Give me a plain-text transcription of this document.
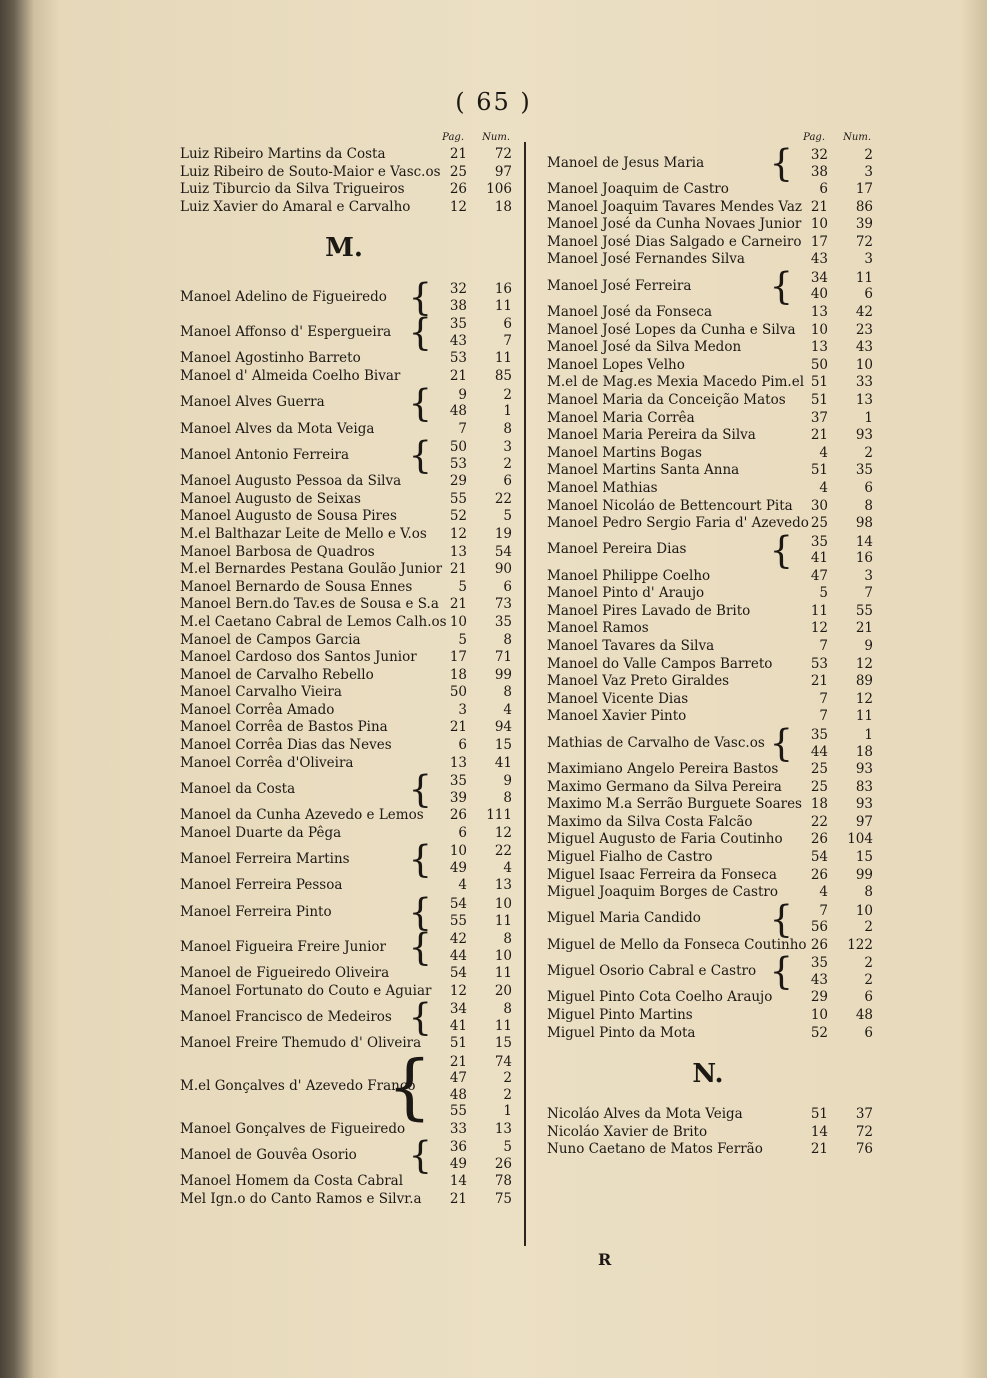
( 65 )
Pag. Num.
Luiz Ribeiro Martins da Costa	21	72
Luiz Ribeiro de Souto-Maior e Vasc.os 25	97
Luiz Tiburcio da Silva Trigueiros	26	106
Luiz Xavier do Amaral e Carvalho	12	18
M.
Manoel Adelino de Figueiredo {	32	16
38	11
Manoel Affonso d' Espergueira {	35	6
43	7
Manoel Agostinho Barreto	53	11
Manoel d' Almeida Coelho Bivar	21	85
Manoel Alves Guerra {	9	2
48	1
Manoel Alves da Mota Veiga	7	8
Manoel Antonio Ferreira {	50	3
53	2
Manoel Augusto Pessoa da Silva	29	6
Manoel Augusto de Seixas	55	22
Manoel Augusto de Sousa Pires	52	5
M.el Balthazar Leite de Mello e V.os	12	19
Manoel Barbosa de Quadros	13	54
M.el Bernardes Pestana Goulão Junior 21	90
Manoel Bernardo de Sousa Ennes	5	6
Manoel Bern.do Tav.es de Sousa e S.a 21	73
M.el Caetano Cabral de Lemos Calh.os 10	35
Manoel de Campos Garcia	5	8
Manoel Cardoso dos Santos Junior	17	71
Manoel de Carvalho Rebello	18	99
Manoel Carvalho Vieira	50	8
Manoel Corrêa Amado	3	4
Manoel Corrêa de Bastos Pina	21	94
Manoel Corrêa Dias das Neves	6	15
Manoel Corrêa d'Oliveira	13	41
Manoel da Costa	{	35	9
39	8
Manoel da Cunha Azevedo e Lemos	26	111
Manoel Duarte da Pêga	6	12
Manoel Ferreira Martins {	10	22
49	4
Manoel Ferreira Pessoa	4	13
Manoel Ferreira Pinto {	54	10
55	11
Manoel Figueira Freire Junior {	42	8
44	10
Manoel de Figueiredo Oliveira	54	11
Manoel Fortunato do Couto e Aguiar	12	20
Manoel Francisco de Medeiros {	34	8
41	11
Manoel Freire Themudo d' Oliveira	51	15
M.el Gonçalves d' Azevedo Franco
{	21	74
47	2
48	2
55	1
Manoel Gonçalves de Figueiredo	33	13
Manoel de Gouvêa Osorio {	36	5
49	26
Manoel Homem da Costa Cabral	14	78
Mel Ign.o do Canto Ramos e Silvr.a	21	75
Pag. Num.
Manoel de Jesus Maria {	32	2
38	3
Manoel Joaquim de Castro	6	17
Manoel Joaquim Tavares Mendes Vaz 21	86
Manoel José da Cunha Novaes Junior 10	39
Manoel José Dias Salgado e Carneiro 17	72
Manoel José Fernandes Silva	43	3
Manoel José Ferreira {	34	11
40	6
Manoel José da Fonseca	13	42
Manoel José Lopes da Cunha e Silva	10	23
Manoel José da Silva Medon	13	43
Manoel Lopes Velho	50	10
M.el de Mag.es Mexia Macedo Pim.el 51	33
Manoel Maria da Conceição Matos	51	13
Manoel Maria Corrêa	37	1
Manoel Maria Pereira da Silva	21	93
Manoel Martins Bogas	4	2
Manoel Martins Santa Anna	51	35
Manoel Mathias	4	6
Manoel Nicoláo de Bettencourt Pita	30	8
Manoel Pedro Sergio Faria d' Azevedo 25	98
Manoel Pereira Dias {	35	14
41	16
Manoel Philippe Coelho	47	3
Manoel Pinto d' Araujo	5	7
Manoel Pires Lavado de Brito	11	55
Manoel Ramos	12	21
Manoel Tavares da Silva	7	9
Manoel do Valle Campos Barreto	53	12
Manoel Vaz Preto Giraldes	21	89
Manoel Vicente Dias	7	12
Manoel Xavier Pinto	7	11
Mathias de Carvalho de Vasc.os {	35	1
44	18
Maximiano Angelo Pereira Bastos	25	93
Maximo Germano da Silva Pereira	25	83
Maximo M.a Serrão Burguete Soares 18	93
Maximo da Silva Costa Falcão	22	97
Miguel Augusto de Faria Coutinho	26	104
Miguel Fialho de Castro	54	15
Miguel Isaac Ferreira da Fonseca	26	99
Miguel Joaquim Borges de Castro	4	8
Miguel Maria Candido {	7	10
56	2
Miguel de Mello da Fonseca Coutinho 26	122
Miguel Osorio Cabral e Castro {	35	2
43	2
Miguel Pinto Cota Coelho Araujo	29	6
Miguel Pinto Martins	10	48
Miguel Pinto da Mota	52	6
N.
Nicoláo Alves da Mota Veiga	51	37
Nicoláo Xavier de Brito	14	72
Nuno Caetano de Matos Ferrão	21	76
R
